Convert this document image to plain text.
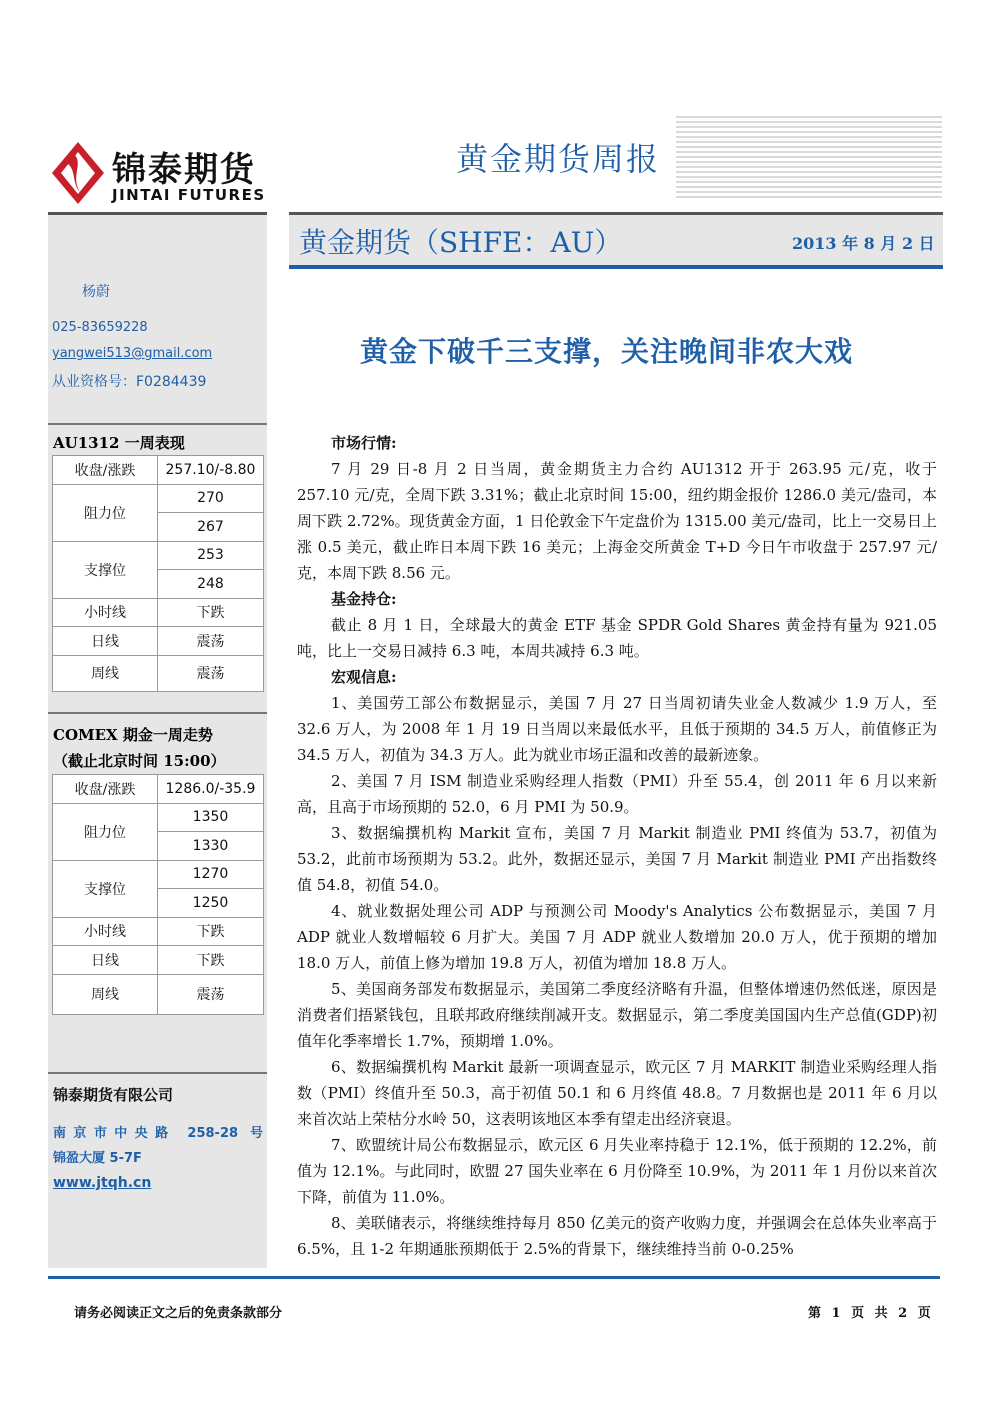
锦泰期货
JINTAI FUTURES
黄金期货周报
黄金期货（SHFE：AU）	2013 年 8 月 2 日
杨蔚
025-83659228
yangwei513@gmail.com
从业资格号：F0284439
AU1312 一周表现
收盘/涨跌	257.10/-8.80
阻力位	270
	267
支撑位	253
	248
小时线	下跌
日线	震荡
周线	震荡
COMEX 期金一周走势
（截止北京时间 15:00）
收盘/涨跌	1286.0/-35.9
阻力位	1350
	1330
支撑位	1270
	1250
小时线	下跌
日线	下跌
周线	震荡
锦泰期货有限公司
南京市中央路 258-28 号
锦盈大厦 5-7F
www.jtqh.cn
黄金下破千三支撑，关注晚间非农大戏
市场行情:

7 月 29 日-8 月 2 日当周，黄金期货主力合约 AU1312 开于 263.95 元/克，收于 257.10 元/克，全周下跌 3.31%；截止北京时间 15:00，纽约期金报价 1286.0 美元/盎司，本周下跌 2.72%。现货黄金方面，1 日伦敦金下午定盘价为 1315.00 美元/盎司，比上一交易日上涨 0.5 美元，截止昨日本周下跌 16 美元；上海金交所黄金 T+D 今日午市收盘于 257.97 元/克，本周下跌 8.56 元。

基金持仓:

截止 8 月 1 日，全球最大的黄金 ETF 基金 SPDR Gold Shares 黄金持有量为 921.05 吨，比上一交易日减持 6.3 吨，本周共减持 6.3 吨。

宏观信息:

1、美国劳工部公布数据显示，美国 7 月 27 日当周初请失业金人数减少 1.9 万人，至 32.6 万人，为 2008 年 1 月 19 日当周以来最低水平，且低于预期的 34.5 万人，前值修正为 34.5 万人，初值为 34.3 万人。此为就业市场正温和改善的最新迹象。

2、美国 7 月 ISM 制造业采购经理人指数（PMI）升至 55.4，创 2011 年 6 月以来新高，且高于市场预期的 52.0，6 月 PMI 为 50.9。

3、数据编撰机构 Markit 宣布，美国 7 月 Markit 制造业 PMI 终值为 53.7，初值为 53.2，此前市场预期为 53.2。此外，数据还显示，美国 7 月 Markit 制造业 PMI 产出指数终值 54.8，初值 54.0。

4、就业数据处理公司 ADP 与预测公司 Moody's Analytics 公布数据显示，美国 7 月 ADP 就业人数增幅较 6 月扩大。美国 7 月 ADP 就业人数增加 20.0 万人，优于预期的增加 18.0 万人，前值上修为增加 19.8 万人，初值为增加 18.8 万人。

5、美国商务部发布数据显示，美国第二季度经济略有升温，但整体增速仍然低迷，原因是消费者们捂紧钱包，且联邦政府继续削减开支。数据显示，第二季度美国国内生产总值(GDP)初值年化季率增长 1.7%，预期增 1.0%。

6、数据编撰机构 Markit 最新一项调查显示，欧元区 7 月 MARKIT 制造业采购经理人指数（PMI）终值升至 50.3，高于初值 50.1 和 6 月终值 48.8。7 月数据也是 2011 年 6 月以来首次站上荣枯分水岭 50，这表明该地区本季有望走出经济衰退。

7、欧盟统计局公布数据显示，欧元区 6 月失业率持稳于 12.1%，低于预期的 12.2%，前值为 12.1%。与此同时，欧盟 27 国失业率在 6 月份降至 10.9%，为 2011 年 1 月份以来首次下降，前值为 11.0%。

8、美联储表示，将继续维持每月 850 亿美元的资产收购力度，并强调会在总体失业率高于 6.5%，且 1-2 年期通胀预期低于 2.5%的背景下，继续维持当前 0-0.25%

请务必阅读正文之后的免责条款部分	第 1 页 共 2 页
